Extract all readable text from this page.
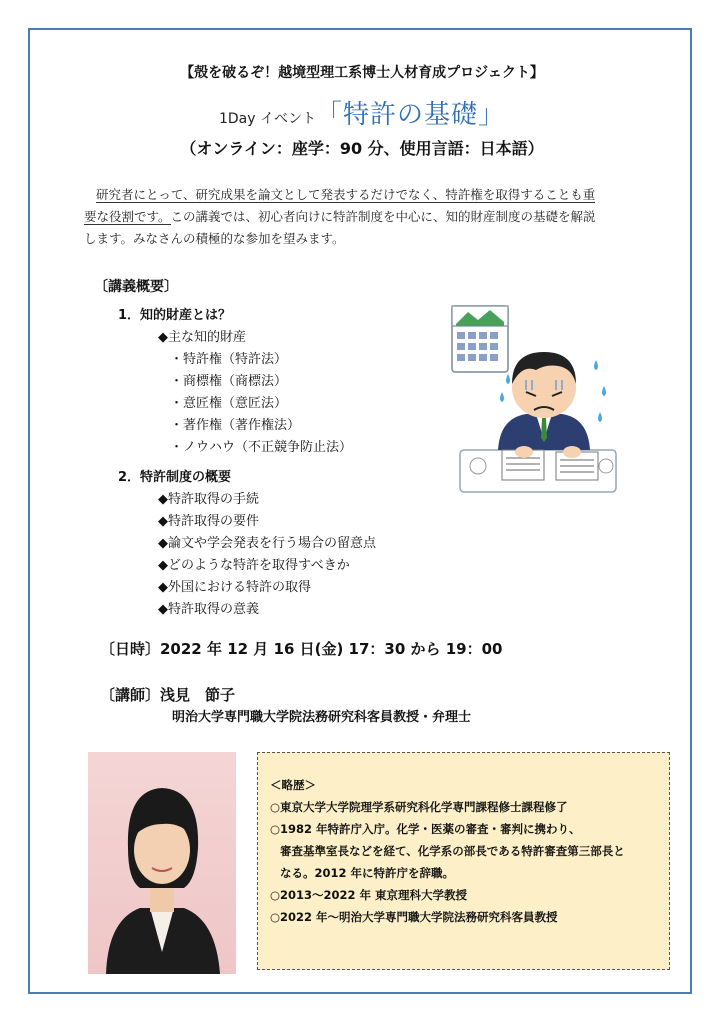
【殻を破るぞ！越境型理工系博士人材育成プロジェクト】
1Day イベント「特許の基礎」
（オンライン：座学：90 分、使用言語：日本語）
研究者にとって、研究成果を論文として発表するだけでなく、特許権を取得することも重
要な役割です。この講義では、初心者向けに特許制度を中心に、知的財産制度の基礎を解説
します。みなさんの積極的な参加を望みます。
〔講義概要〕
1．知的財産とは？
◆主な知的財産
・特許権（特許法）
・商標権（商標法）
・意匠権（意匠法）
・著作権（著作権法）
・ノウハウ（不正競争防止法）
2．特許制度の概要
◆特許取得の手続
◆特許取得の要件
◆論文や学会発表を行う場合の留意点
◆どのような特許を取得すべきか
◆外国における特許の取得
◆特許取得の意義
〔日時〕2022 年 12 月 16 日(金) 17：30 から 19：00
〔講師〕浅見　節子
明治大学専門職大学院法務研究科客員教授・弁理士
＜略歴＞
○東京大学大学院理学系研究科化学専門課程修士課程修了
○1982 年特許庁入庁。化学・医薬の審査・審判に携わり、
審査基準室長などを経て、化学系の部長である特許審査第三部長と
なる。2012 年に特許庁を辞職。
○2013～2022 年 東京理科大学教授
○2022 年～明治大学専門職大学院法務研究科客員教授
